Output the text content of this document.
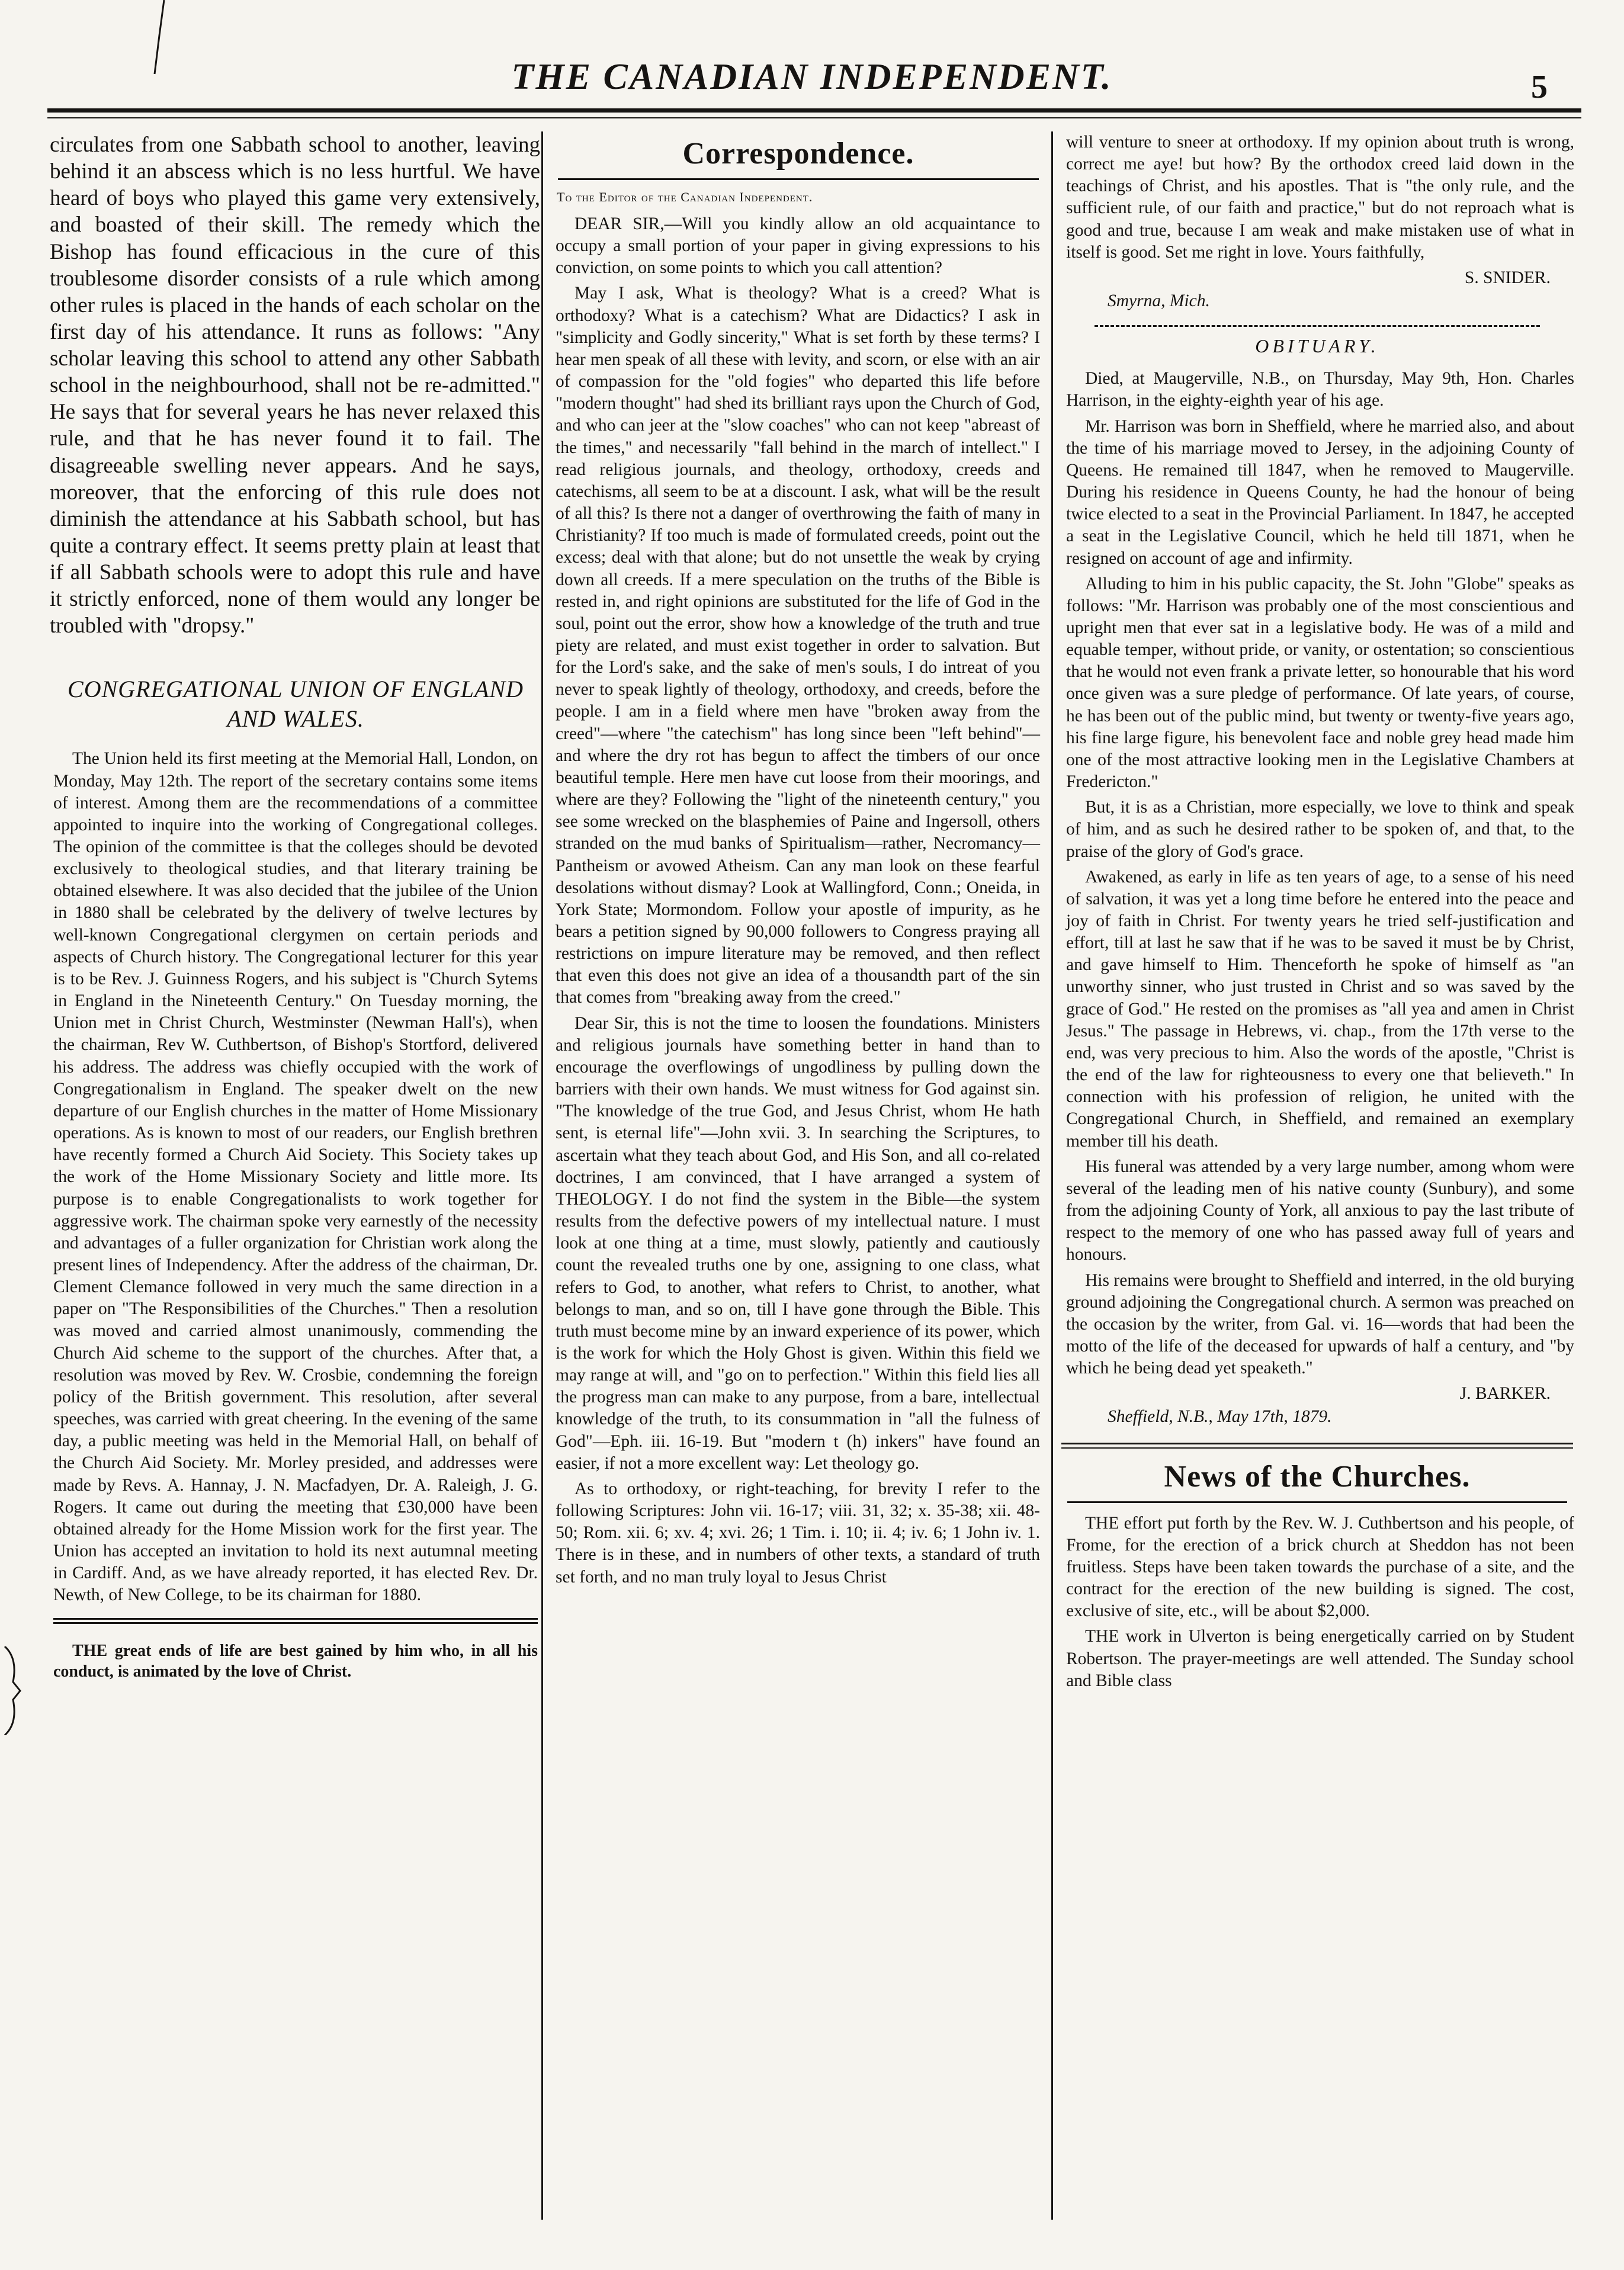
THE CANADIAN INDEPENDENT.	5

circulates from one Sabbath school to another, leaving behind it an abscess which is no less hurtful. We have heard of boys who played this game very extensively, and boasted of their skill. The remedy which the Bishop has found efficacious in the cure of this troublesome disorder consists of a rule which among other rules is placed in the hands of each scholar on the first day of his attendance. It runs as follows: "Any scholar leaving this school to attend any other Sabbath school in the neighbourhood, shall not be re-admitted." He says that for several years he has never relaxed this rule, and that he has never found it to fail. The disagreeable swelling never appears. And he says, moreover, that the enforcing of this rule does not diminish the attendance at his Sabbath school, but has quite a contrary effect. It seems pretty plain at least that if all Sabbath schools were to adopt this rule and have it strictly enforced, none of them would any longer be troubled with "dropsy."

CONGREGATIONAL UNION OF ENGLAND AND WALES.

The Union held its first meeting at the Memorial Hall, London, on Monday, May 12th. The report of the secretary contains some items of interest. Among them are the recommendations of a committee appointed to inquire into the working of Congregational colleges. The opinion of the committee is that the colleges should be devoted exclusively to theological studies, and that literary training be obtained elsewhere. It was also decided that the jubilee of the Union in 1880 shall be celebrated by the delivery of twelve lectures by well-known Congregational clergymen on certain periods and aspects of Church history. The Congregational lecturer for this year is to be Rev. J. Guinness Rogers, and his subject is "Church Sytems in England in the Nineteenth Century." On Tuesday morning, the Union met in Christ Church, Westminster (Newman Hall's), when the chairman, Rev W. Cuthbertson, of Bishop's Stortford, delivered his address. The address was chiefly occupied with the work of Congregationalism in England. The speaker dwelt on the new departure of our English churches in the matter of Home Missionary operations. As is known to most of our readers, our English brethren have recently formed a Church Aid Society. This Society takes up the work of the Home Missionary Society and little more. Its purpose is to enable Congregationalists to work together for aggressive work. The chairman spoke very earnestly of the necessity and advantages of a fuller organization for Christian work along the present lines of Independency. After the address of the chairman, Dr. Clement Clemance followed in very much the same direction in a paper on "The Responsibilities of the Churches." Then a resolution was moved and carried almost unanimously, commending the Church Aid scheme to the support of the churches. After that, a resolution was moved by Rev. W. Crosbie, condemning the foreign policy of the British government. This resolution, after several speeches, was carried with great cheering. In the evening of the same day, a public meeting was held in the Memorial Hall, on behalf of the Church Aid Society. Mr. Morley presided, and addresses were made by Revs. A. Hannay, J. N. Macfadyen, Dr. A. Raleigh, J. G. Rogers. It came out during the meeting that £30,000 have been obtained already for the Home Mission work for the first year. The Union has accepted an invitation to hold its next autumnal meeting in Cardiff. And, as we have already reported, it has elected Rev. Dr. Newth, of New College, to be its chairman for 1880.

THE great ends of life are best gained by him who, in all his conduct, is animated by the love of Christ.

Correspondence.
To the Editor of the Canadian Independent.

DEAR SIR,—Will you kindly allow an old acquaintance to occupy a small portion of your paper in giving expressions to his conviction, on some points to which you call attention?

May I ask, What is theology? What is a creed? What is orthodoxy? What is a catechism? What are Didactics? I ask in "simplicity and Godly sincerity," What is set forth by these terms? I hear men speak of all these with levity, and scorn, or else with an air of compassion for the "old fogies" who departed this life before "modern thought" had shed its brilliant rays upon the Church of God, and who can jeer at the "slow coaches" who can not keep "abreast of the times," and necessarily "fall behind in the march of intellect." I read religious journals, and theology, orthodoxy, creeds and catechisms, all seem to be at a discount. I ask, what will be the result of all this? Is there not a danger of overthrowing the faith of many in Christianity? If too much is made of formulated creeds, point out the excess; deal with that alone; but do not unsettle the weak by crying down all creeds. If a mere speculation on the truths of the Bible is rested in, and right opinions are substituted for the life of God in the soul, point out the error, show how a knowledge of the truth and true piety are related, and must exist together in order to salvation. But for the Lord's sake, and the sake of men's souls, I do intreat of you never to speak lightly of theology, orthodoxy, and creeds, before the people. I am in a field where men have "broken away from the creed"—where "the catechism" has long since been "left behind"—and where the dry rot has begun to affect the timbers of our once beautiful temple. Here men have cut loose from their moorings, and where are they? Following the "light of the nineteenth century," you see some wrecked on the blasphemies of Paine and Ingersoll, others stranded on the mud banks of Spiritualism—rather, Necromancy—Pantheism or avowed Atheism. Can any man look on these fearful desolations without dismay? Look at Wallingford, Conn.; Oneida, in York State; Mormondom. Follow your apostle of impurity, as he bears a petition signed by 90,000 followers to Congress praying all restrictions on impure literature may be removed, and then reflect that even this does not give an idea of a thousandth part of the sin that comes from "breaking away from the creed."

Dear Sir, this is not the time to loosen the foundations. Ministers and religious journals have something better in hand than to encourage the overflowings of ungodliness by pulling down the barriers with their own hands. We must witness for God against sin. "The knowledge of the true God, and Jesus Christ, whom He hath sent, is eternal life"—John xvii. 3. In searching the Scriptures, to ascertain what they teach about God, and His Son, and all co-related doctrines, I am convinced, that I have arranged a system of THEOLOGY. I do not find the system in the Bible—the system results from the defective powers of my intellectual nature. I must look at one thing at a time, must slowly, patiently and cautiously count the revealed truths one by one, assigning to one class, what refers to God, to another, what refers to Christ, to another, what belongs to man, and so on, till I have gone through the Bible. This truth must become mine by an inward experience of its power, which is the work for which the Holy Ghost is given. Within this field we may range at will, and "go on to perfection." Within this field lies all the progress man can make to any purpose, from a bare, intellectual knowledge of the truth, to its consummation in "all the fulness of God"—Eph. iii. 16-19. But "modern t (h) inkers" have found an easier, if not a more excellent way: Let theology go.

As to orthodoxy, or right-teaching, for brevity I refer to the following Scriptures: John vii. 16-17; viii. 31, 32; x. 35-38; xii. 48-50; Rom. xii. 6; xv. 4; xvi. 26; 1 Tim. i. 10; ii. 4; iv. 6; 1 John iv. 1. There is in these, and in numbers of other texts, a standard of truth set forth, and no man truly loyal to Jesus Christ

will venture to sneer at orthodoxy. If my opinion about truth is wrong, correct me aye! but how? By the orthodox creed laid down in the teachings of Christ, and his apostles. That is "the only rule, and the sufficient rule, of our faith and practice," but do not reproach what is good and true, because I am weak and make mistaken use of what in itself is good. Set me right in love. Yours faithfully,

S. SNIDER.
Smyrna, Mich.
OBITUARY.

Died, at Maugerville, N.B., on Thursday, May 9th, Hon. Charles Harrison, in the eighty-eighth year of his age.

Mr. Harrison was born in Sheffield, where he married also, and about the time of his marriage moved to Jersey, in the adjoining County of Queens. He remained till 1847, when he removed to Maugerville. During his residence in Queens County, he had the honour of being twice elected to a seat in the Provincial Parliament. In 1847, he accepted a seat in the Legislative Council, which he held till 1871, when he resigned on account of age and infirmity.

Alluding to him in his public capacity, the St. John "Globe" speaks as follows: "Mr. Harrison was probably one of the most conscientious and upright men that ever sat in a legislative body. He was of a mild and equable temper, without pride, or vanity, or ostentation; so conscientious that he would not even frank a private letter, so honourable that his word once given was a sure pledge of performance. Of late years, of course, he has been out of the public mind, but twenty or twenty-five years ago, his fine large figure, his benevolent face and noble grey head made him one of the most attractive looking men in the Legislative Chambers at Fredericton."

But, it is as a Christian, more especially, we love to think and speak of him, and as such he desired rather to be spoken of, and that, to the praise of the glory of God's grace.

Awakened, as early in life as ten years of age, to a sense of his need of salvation, it was yet a long time before he entered into the peace and joy of faith in Christ. For twenty years he tried self-justification and effort, till at last he saw that if he was to be saved it must be by Christ, and gave himself to Him. Thenceforth he spoke of himself as "an unworthy sinner, who just trusted in Christ and so was saved by the grace of God." He rested on the promises as "all yea and amen in Christ Jesus." The passage in Hebrews, vi. chap., from the 17th verse to the end, was very precious to him. Also the words of the apostle, "Christ is the end of the law for righteousness to every one that believeth." In connection with his profession of religion, he united with the Congregational Church, in Sheffield, and remained an exemplary member till his death.

His funeral was attended by a very large number, among whom were several of the leading men of his native county (Sunbury), and some from the adjoining County of York, all anxious to pay the last tribute of respect to the memory of one who has passed away full of years and honours.

His remains were brought to Sheffield and interred, in the old burying ground adjoining the Congregational church. A sermon was preached on the occasion by the writer, from Gal. vi. 16—words that had been the motto of the life of the deceased for upwards of half a century, and "by which he being dead yet speaketh."

J. BARKER.
Sheffield, N.B., May 17th, 1879.
News of the Churches.

THE effort put forth by the Rev. W. J. Cuthbertson and his people, of Frome, for the erection of a brick church at Sheddon has not been fruitless. Steps have been taken towards the purchase of a site, and the contract for the erection of the new building is signed. The cost, exclusive of site, etc., will be about $2,000.

THE work in Ulverton is being energetically carried on by Student Robertson. The prayer-meetings are well attended. The Sunday school and Bible class
